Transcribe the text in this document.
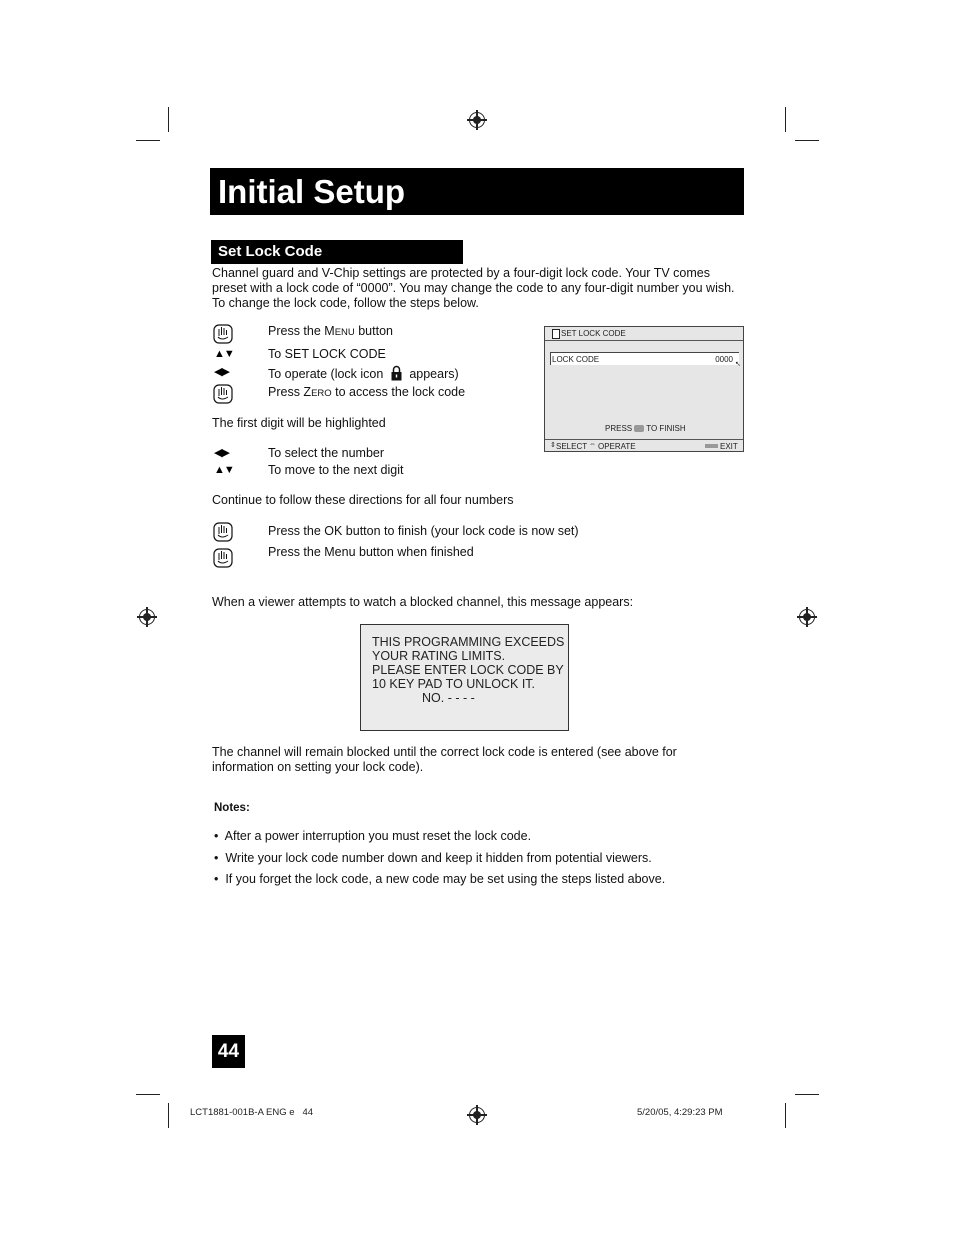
Initial Setup
Set Lock Code
Channel guard and V-Chip settings are protected by a four-digit lock code. Your TV comes
preset with a lock code of “0000”. You may change the code to any four-digit number you wish.
To change the lock code, follow the steps below.
Press the MENU button
▲▼	To SET LOCK CODE
◀▶	To operate (lock icon appears)
Press ZERO to access the lock code
The first digit will be highlighted
◀▶	To select the number
▲▼	To move to the next digit
Continue to follow these directions for all four numbers
Press the OK button to finish (your lock code is now set)
Press the Menu button when finished
SET LOCK CODE
LOCK CODE	0000
↖
PRESS OK TO FINISH
⇕ SELECT ⇔ OPERATE	MENU EXIT
When a viewer attempts to watch a blocked channel, this message appears:
THIS PROGRAMMING EXCEEDS
YOUR RATING LIMITS.
PLEASE ENTER LOCK CODE BY
10 KEY PAD TO UNLOCK IT.
NO. - - - -
The channel will remain blocked until the correct lock code is entered (see above for
information on setting your lock code).
Notes:
•  After a power interruption you must reset the lock code.
•  Write your lock code number down and keep it hidden from potential viewers.
•  If you forget the lock code, a new code may be set using the steps listed above.
44
LCT1881-001B-A ENG e   44	5/20/05, 4:29:23 PM
